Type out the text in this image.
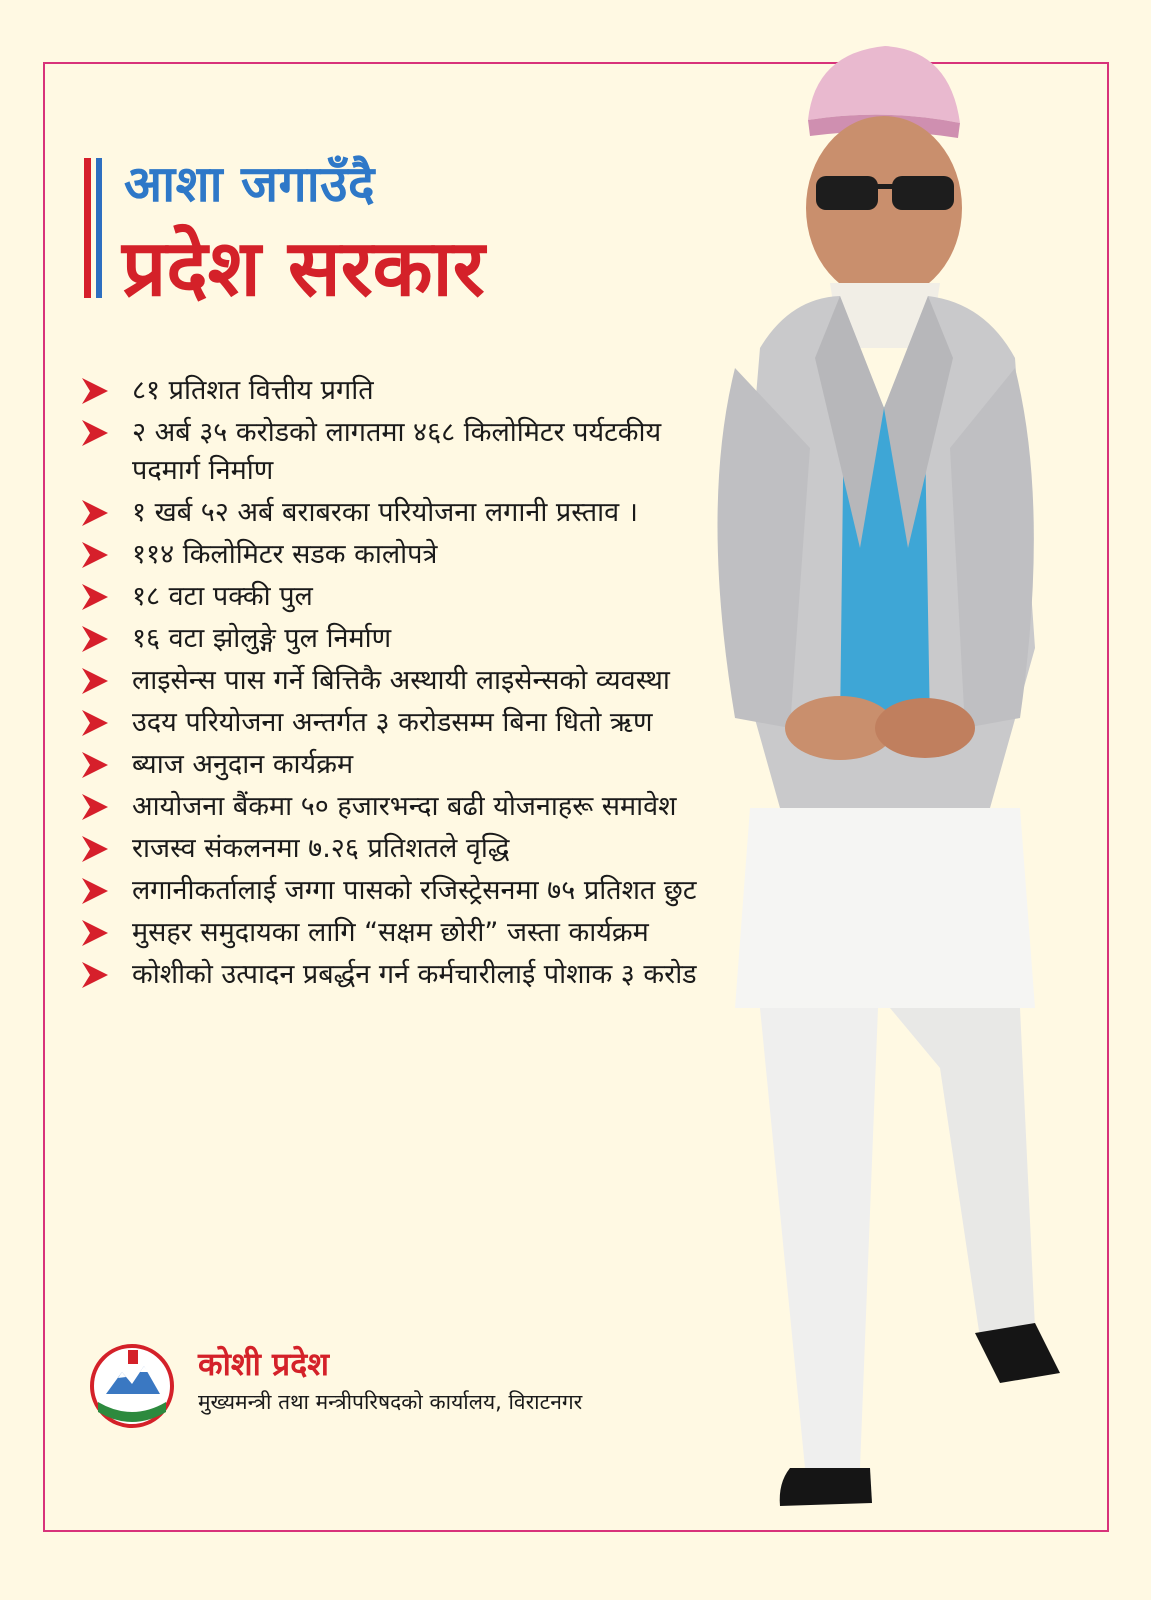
आशा जगाउँदै
प्रदेश सरकार
८१ प्रतिशत वित्तीय प्रगति
२ अर्ब ३५ करोडको लागतमा ४६८ किलोमिटर पर्यटकीय पदमार्ग निर्माण
१ खर्ब ५२ अर्ब बराबरका परियोजना लगानी प्रस्ताव ।
११४ किलोमिटर सडक कालोपत्रे
१८ वटा पक्की पुल
१६ वटा झोलुङ्गे पुल निर्माण
लाइसेन्स पास गर्ने बित्तिकै अस्थायी लाइसेन्सको व्यवस्था
उदय परियोजना अन्तर्गत ३ करोडसम्म बिना धितो ऋण
ब्याज अनुदान कार्यक्रम
आयोजना बैंकमा ५० हजारभन्दा बढी योजनाहरू समावेश
राजस्व संकलनमा ७.२६ प्रतिशतले वृद्धि
लगानीकर्तालाई जग्गा पासको रजिस्ट्रेसनमा ७५ प्रतिशत छुट
मुसहर समुदायका लागि “सक्षम छोरी” जस्ता कार्यक्रम
कोशीको उत्पादन प्रबर्द्धन गर्न कर्मचारीलाई पोशाक ३ करोड

कोशी प्रदेश

मुख्यमन्त्री तथा मन्त्रीपरिषदको कार्यालय, विराटनगर
